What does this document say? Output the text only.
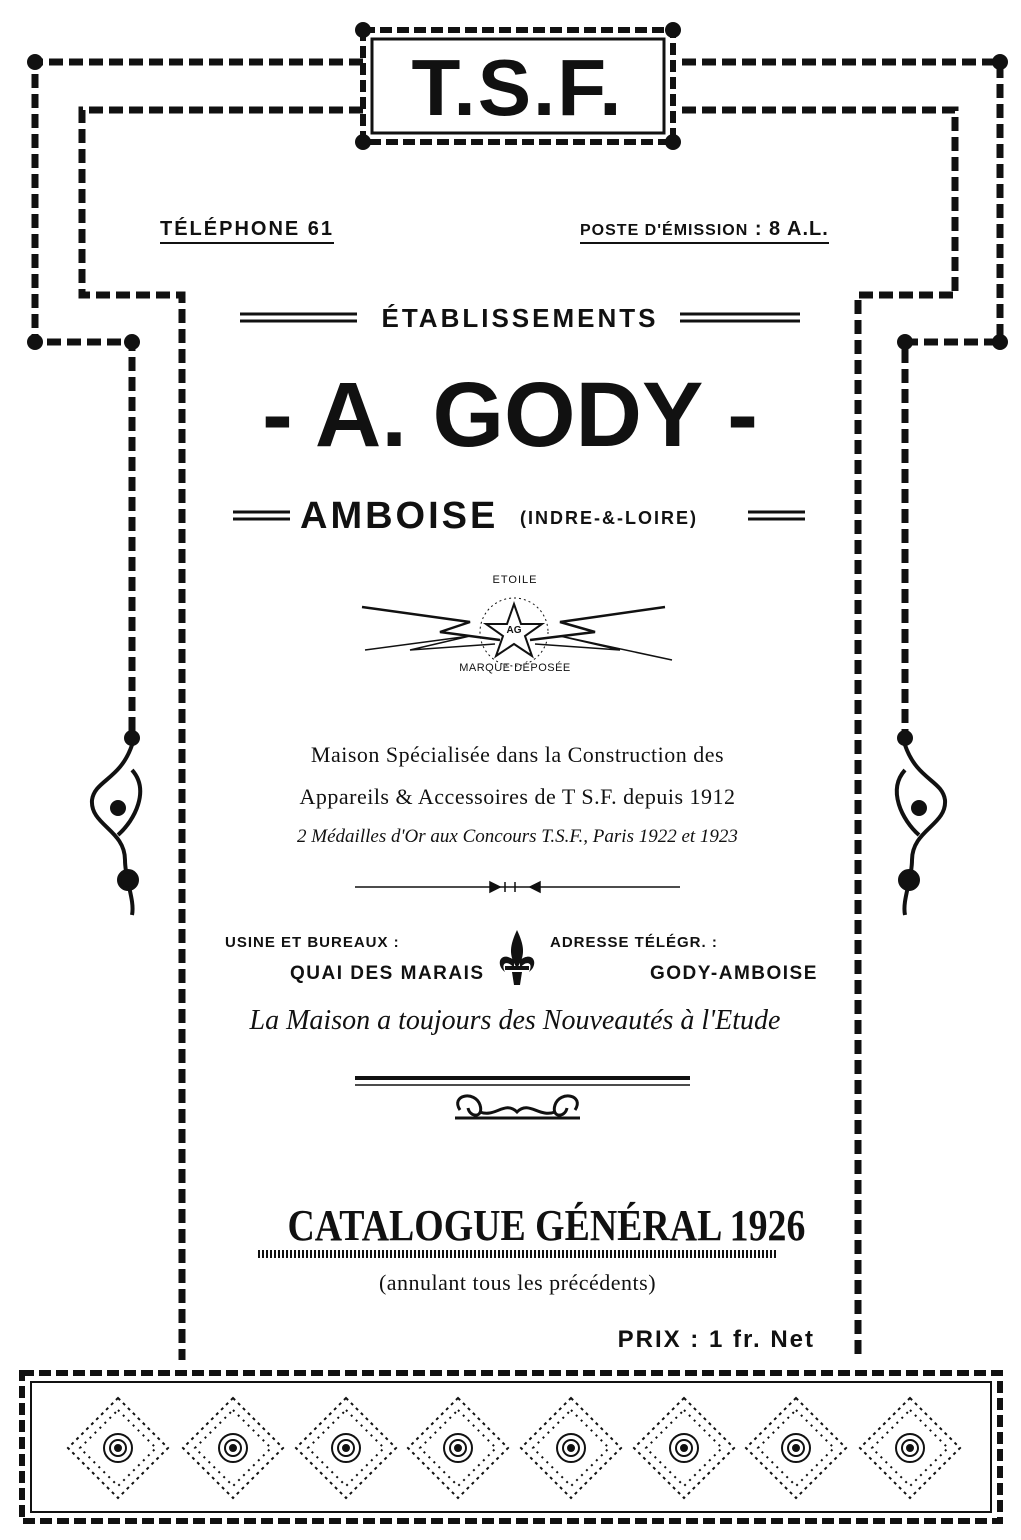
T.S.F.
TÉLÉPHONE 61	POSTE D'ÉMISSION : 8 A.L.
ÉTABLISSEMENTS
- A. GODY -
AMBOISE (INDRE-&-LOIRE)
ETOILE
AG
MARQUE DÉPOSÉE
Maison Spécialisée dans la Construction des
Appareils & Accessoires de T S.F. depuis 1912
2 Médailles d'Or aux Concours T.S.F., Paris 1922 et 1923
USINE ET BUREAUX :
QUAI DES MARAIS
ADRESSE TÉLÉGR. :
GODY-AMBOISE
La Maison a toujours des Nouveautés à l'Etude
CATALOGUE GÉNÉRAL 1926
(annulant tous les précédents)
PRIX : 1 fr. Net
